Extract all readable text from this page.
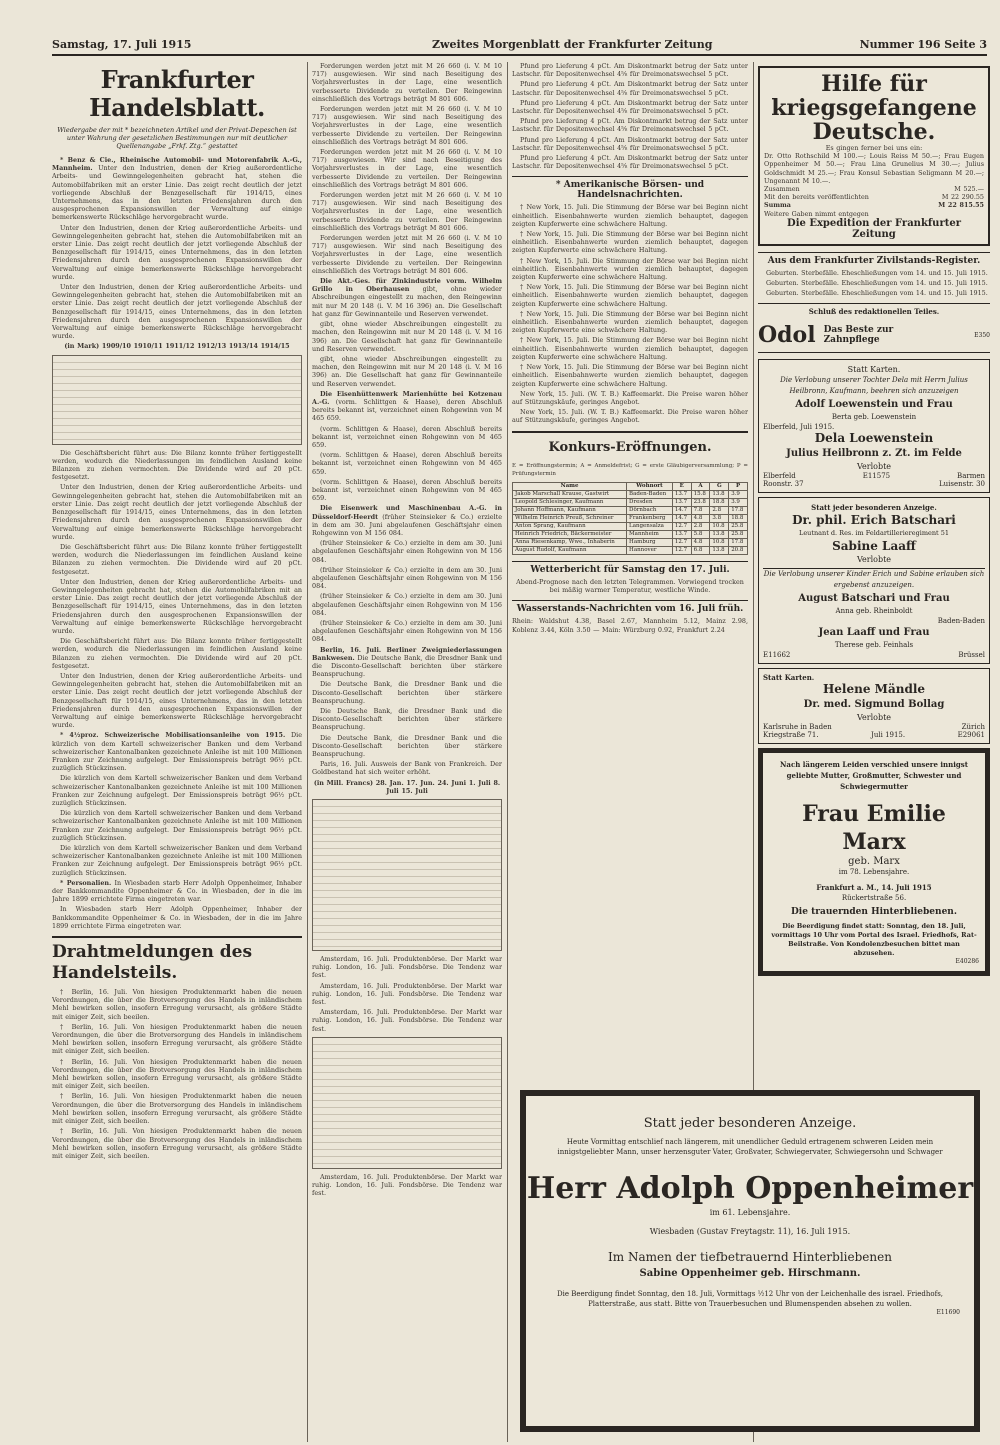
Samstag, 17. Juli 1915	Zweites Morgenblatt der Frankfurter Zeitung	Nummer 196 Seite 3
Frankfurter Handelsblatt.
Wiedergabe der mit * bezeichneten Artikel und der Privat-Depeschen ist unter Wahrung der gesetzlichen Bestimmungen nur mit deutlicher Quellenangabe „Frkf. Ztg.“ gestattet

* Benz & Cie., Rheinische Automobil- und Motorenfabrik A.-G., Mannheim. Unter den Industrien, denen der Krieg außerordentliche Arbeits- und Gewinngelegenheiten gebracht hat, stehen die Automobilfabriken mit an erster Linie. Das zeigt recht deutlich der jetzt vorliegende Abschluß der Benzgesellschaft für 1914/15, eines Unternehmens, das in den letzten Friedensjahren durch den ausgesprochenen Expansionswillen der Verwaltung auf einige bemerkenswerte Rückschläge hervorgebracht wurde.

Unter den Industrien, denen der Krieg außerordentliche Arbeits- und Gewinngelegenheiten gebracht hat, stehen die Automobilfabriken mit an erster Linie. Das zeigt recht deutlich der jetzt vorliegende Abschluß der Benzgesellschaft für 1914/15, eines Unternehmens, das in den letzten Friedensjahren durch den ausgesprochenen Expansionswillen der Verwaltung auf einige bemerkenswerte Rückschläge hervorgebracht wurde.

Unter den Industrien, denen der Krieg außerordentliche Arbeits- und Gewinngelegenheiten gebracht hat, stehen die Automobilfabriken mit an erster Linie. Das zeigt recht deutlich der jetzt vorliegende Abschluß der Benzgesellschaft für 1914/15, eines Unternehmens, das in den letzten Friedensjahren durch den ausgesprochenen Expansionswillen der Verwaltung auf einige bemerkenswerte Rückschläge hervorgebracht wurde.

(in Mark) 1909/10 1910/11 1911/12 1912/13 1913/14 1914/15

Die Geschäftsbericht führt aus: Die Bilanz konnte früher fertiggestellt werden, wodurch die Niederlassungen im feindlichen Ausland keine Bilanzen zu ziehen vermochten. Die Dividende wird auf 20 pCt. festgesetzt.

Unter den Industrien, denen der Krieg außerordentliche Arbeits- und Gewinngelegenheiten gebracht hat, stehen die Automobilfabriken mit an erster Linie. Das zeigt recht deutlich der jetzt vorliegende Abschluß der Benzgesellschaft für 1914/15, eines Unternehmens, das in den letzten Friedensjahren durch den ausgesprochenen Expansionswillen der Verwaltung auf einige bemerkenswerte Rückschläge hervorgebracht wurde.

Die Geschäftsbericht führt aus: Die Bilanz konnte früher fertiggestellt werden, wodurch die Niederlassungen im feindlichen Ausland keine Bilanzen zu ziehen vermochten. Die Dividende wird auf 20 pCt. festgesetzt.

Unter den Industrien, denen der Krieg außerordentliche Arbeits- und Gewinngelegenheiten gebracht hat, stehen die Automobilfabriken mit an erster Linie. Das zeigt recht deutlich der jetzt vorliegende Abschluß der Benzgesellschaft für 1914/15, eines Unternehmens, das in den letzten Friedensjahren durch den ausgesprochenen Expansionswillen der Verwaltung auf einige bemerkenswerte Rückschläge hervorgebracht wurde.

Die Geschäftsbericht führt aus: Die Bilanz konnte früher fertiggestellt werden, wodurch die Niederlassungen im feindlichen Ausland keine Bilanzen zu ziehen vermochten. Die Dividende wird auf 20 pCt. festgesetzt.

Unter den Industrien, denen der Krieg außerordentliche Arbeits- und Gewinngelegenheiten gebracht hat, stehen die Automobilfabriken mit an erster Linie. Das zeigt recht deutlich der jetzt vorliegende Abschluß der Benzgesellschaft für 1914/15, eines Unternehmens, das in den letzten Friedensjahren durch den ausgesprochenen Expansionswillen der Verwaltung auf einige bemerkenswerte Rückschläge hervorgebracht wurde.

* 4½proz. Schweizerische Mobilisationsanleihe von 1915. Die kürzlich von dem Kartell schweizerischer Banken und dem Verband schweizerischer Kantonalbanken gezeichnete Anleihe ist mit 100 Millionen Franken zur Zeichnung aufgelegt. Der Emissionspreis beträgt 96½ pCt. zuzüglich Stückzinsen.

Die kürzlich von dem Kartell schweizerischer Banken und dem Verband schweizerischer Kantonalbanken gezeichnete Anleihe ist mit 100 Millionen Franken zur Zeichnung aufgelegt. Der Emissionspreis beträgt 96½ pCt. zuzüglich Stückzinsen.

Die kürzlich von dem Kartell schweizerischer Banken und dem Verband schweizerischer Kantonalbanken gezeichnete Anleihe ist mit 100 Millionen Franken zur Zeichnung aufgelegt. Der Emissionspreis beträgt 96½ pCt. zuzüglich Stückzinsen.

Die kürzlich von dem Kartell schweizerischer Banken und dem Verband schweizerischer Kantonalbanken gezeichnete Anleihe ist mit 100 Millionen Franken zur Zeichnung aufgelegt. Der Emissionspreis beträgt 96½ pCt. zuzüglich Stückzinsen.

* Personalien. In Wiesbaden starb Herr Adolph Oppenheimer, Inhaber der Bankkommandite Oppenheimer & Co. in Wiesbaden, der in die im Jahre 1899 errichtete Firma eingetreten war.

In Wiesbaden starb Herr Adolph Oppenheimer, Inhaber der Bankkommandite Oppenheimer & Co. in Wiesbaden, der in die im Jahre 1899 errichtete Firma eingetreten war.

Drahtmeldungen des Handelsteils.

† Berlin, 16. Juli. Von hiesigen Produktenmarkt haben die neuen Verordnungen, die über die Brotversorgung des Handels in inländischem Mehl bewirken sollen, insofern Erregung verursacht, als größere Städte mit einiger Zeit, sich beeilen.

† Berlin, 16. Juli. Von hiesigen Produktenmarkt haben die neuen Verordnungen, die über die Brotversorgung des Handels in inländischem Mehl bewirken sollen, insofern Erregung verursacht, als größere Städte mit einiger Zeit, sich beeilen.

† Berlin, 16. Juli. Von hiesigen Produktenmarkt haben die neuen Verordnungen, die über die Brotversorgung des Handels in inländischem Mehl bewirken sollen, insofern Erregung verursacht, als größere Städte mit einiger Zeit, sich beeilen.

† Berlin, 16. Juli. Von hiesigen Produktenmarkt haben die neuen Verordnungen, die über die Brotversorgung des Handels in inländischem Mehl bewirken sollen, insofern Erregung verursacht, als größere Städte mit einiger Zeit, sich beeilen.

† Berlin, 16. Juli. Von hiesigen Produktenmarkt haben die neuen Verordnungen, die über die Brotversorgung des Handels in inländischem Mehl bewirken sollen, insofern Erregung verursacht, als größere Städte mit einiger Zeit, sich beeilen.

Forderungen werden jetzt mit M 26 660 (i. V. M 10 717) ausgewiesen. Wir sind nach Beseitigung des Vorjahrsverlustes in der Lage, eine wesentlich verbesserte Dividende zu verteilen. Der Reingewinn einschließlich des Vortrags beträgt M 801 606.

Forderungen werden jetzt mit M 26 660 (i. V. M 10 717) ausgewiesen. Wir sind nach Beseitigung des Vorjahrsverlustes in der Lage, eine wesentlich verbesserte Dividende zu verteilen. Der Reingewinn einschließlich des Vortrags beträgt M 801 606.

Forderungen werden jetzt mit M 26 660 (i. V. M 10 717) ausgewiesen. Wir sind nach Beseitigung des Vorjahrsverlustes in der Lage, eine wesentlich verbesserte Dividende zu verteilen. Der Reingewinn einschließlich des Vortrags beträgt M 801 606.

Forderungen werden jetzt mit M 26 660 (i. V. M 10 717) ausgewiesen. Wir sind nach Beseitigung des Vorjahrsverlustes in der Lage, eine wesentlich verbesserte Dividende zu verteilen. Der Reingewinn einschließlich des Vortrags beträgt M 801 606.

Forderungen werden jetzt mit M 26 660 (i. V. M 10 717) ausgewiesen. Wir sind nach Beseitigung des Vorjahrsverlustes in der Lage, eine wesentlich verbesserte Dividende zu verteilen. Der Reingewinn einschließlich des Vortrags beträgt M 801 606.

Die Akt.-Ges. für Zinkindustrie vorm. Wilhelm Grillo in Oberhausen gibt, ohne wieder Abschreibungen eingestellt zu machen, den Reingewinn mit nur M 20 148 (i. V. M 16 396) an. Die Gesellschaft hat ganz für Gewinnanteile und Reserven verwendet.

gibt, ohne wieder Abschreibungen eingestellt zu machen, den Reingewinn mit nur M 20 148 (i. V. M 16 396) an. Die Gesellschaft hat ganz für Gewinnanteile und Reserven verwendet.

gibt, ohne wieder Abschreibungen eingestellt zu machen, den Reingewinn mit nur M 20 148 (i. V. M 16 396) an. Die Gesellschaft hat ganz für Gewinnanteile und Reserven verwendet.

Die Eisenhüttenwerk Marienhütte bei Kotzenau A.-G. (vorm. Schlittgen & Haase), deren Abschluß bereits bekannt ist, verzeichnet einen Rohgewinn von M 465 659.

(vorm. Schlittgen & Haase), deren Abschluß bereits bekannt ist, verzeichnet einen Rohgewinn von M 465 659.

(vorm. Schlittgen & Haase), deren Abschluß bereits bekannt ist, verzeichnet einen Rohgewinn von M 465 659.

(vorm. Schlittgen & Haase), deren Abschluß bereits bekannt ist, verzeichnet einen Rohgewinn von M 465 659.

Die Eisenwerk und Maschinenbau A.-G. in Düsseldorf-Heerdt (früher Steinsieker & Co.) erzielte in dem am 30. Juni abgelaufenen Geschäftsjahr einen Rohgewinn von M 156 084.

(früher Steinsieker & Co.) erzielte in dem am 30. Juni abgelaufenen Geschäftsjahr einen Rohgewinn von M 156 084.

(früher Steinsieker & Co.) erzielte in dem am 30. Juni abgelaufenen Geschäftsjahr einen Rohgewinn von M 156 084.

(früher Steinsieker & Co.) erzielte in dem am 30. Juni abgelaufenen Geschäftsjahr einen Rohgewinn von M 156 084.

(früher Steinsieker & Co.) erzielte in dem am 30. Juni abgelaufenen Geschäftsjahr einen Rohgewinn von M 156 084.

Berlin, 16. Juli. Berliner Zweigniederlassungen Bankwesen. Die Deutsche Bank, die Dresdner Bank und die Disconto-Gesellschaft berichten über stärkere Beanspruchung.

Die Deutsche Bank, die Dresdner Bank und die Disconto-Gesellschaft berichten über stärkere Beanspruchung.

Die Deutsche Bank, die Dresdner Bank und die Disconto-Gesellschaft berichten über stärkere Beanspruchung.

Die Deutsche Bank, die Dresdner Bank und die Disconto-Gesellschaft berichten über stärkere Beanspruchung.

Paris, 16. Juli. Ausweis der Bank von Frankreich. Der Goldbestand hat sich weiter erhöht.

(in Mill. Francs) 28. Jan. 17. Jun. 24. Juni 1. Juli 8. Juli 15. Juli

Amsterdam, 16. Juli. Produktenbörse. Der Markt war ruhig. London, 16. Juli. Fondsbörse. Die Tendenz war fest.

Amsterdam, 16. Juli. Produktenbörse. Der Markt war ruhig. London, 16. Juli. Fondsbörse. Die Tendenz war fest.

Amsterdam, 16. Juli. Produktenbörse. Der Markt war ruhig. London, 16. Juli. Fondsbörse. Die Tendenz war fest.

Amsterdam, 16. Juli. Produktenbörse. Der Markt war ruhig. London, 16. Juli. Fondsbörse. Die Tendenz war fest.

Pfund pro Lieferung 4 pCt. Am Diskontmarkt betrug der Satz unter Lastschr. für Depositenwechsel 4⅝ für Dreimonatswechsel 5 pCt.

Pfund pro Lieferung 4 pCt. Am Diskontmarkt betrug der Satz unter Lastschr. für Depositenwechsel 4⅝ für Dreimonatswechsel 5 pCt.

Pfund pro Lieferung 4 pCt. Am Diskontmarkt betrug der Satz unter Lastschr. für Depositenwechsel 4⅝ für Dreimonatswechsel 5 pCt.

Pfund pro Lieferung 4 pCt. Am Diskontmarkt betrug der Satz unter Lastschr. für Depositenwechsel 4⅝ für Dreimonatswechsel 5 pCt.

Pfund pro Lieferung 4 pCt. Am Diskontmarkt betrug der Satz unter Lastschr. für Depositenwechsel 4⅝ für Dreimonatswechsel 5 pCt.

Pfund pro Lieferung 4 pCt. Am Diskontmarkt betrug der Satz unter Lastschr. für Depositenwechsel 4⅝ für Dreimonatswechsel 5 pCt.

* Amerikanische Börsen- und Handelsnachrichten.

† New York, 15. Juli. Die Stimmung der Börse war bei Beginn nicht einheitlich. Eisenbahnwerte wurden ziemlich behauptet, dagegen zeigten Kupferwerte eine schwächere Haltung.

† New York, 15. Juli. Die Stimmung der Börse war bei Beginn nicht einheitlich. Eisenbahnwerte wurden ziemlich behauptet, dagegen zeigten Kupferwerte eine schwächere Haltung.

† New York, 15. Juli. Die Stimmung der Börse war bei Beginn nicht einheitlich. Eisenbahnwerte wurden ziemlich behauptet, dagegen zeigten Kupferwerte eine schwächere Haltung.

† New York, 15. Juli. Die Stimmung der Börse war bei Beginn nicht einheitlich. Eisenbahnwerte wurden ziemlich behauptet, dagegen zeigten Kupferwerte eine schwächere Haltung.

† New York, 15. Juli. Die Stimmung der Börse war bei Beginn nicht einheitlich. Eisenbahnwerte wurden ziemlich behauptet, dagegen zeigten Kupferwerte eine schwächere Haltung.

† New York, 15. Juli. Die Stimmung der Börse war bei Beginn nicht einheitlich. Eisenbahnwerte wurden ziemlich behauptet, dagegen zeigten Kupferwerte eine schwächere Haltung.

† New York, 15. Juli. Die Stimmung der Börse war bei Beginn nicht einheitlich. Eisenbahnwerte wurden ziemlich behauptet, dagegen zeigten Kupferwerte eine schwächere Haltung.

New York, 15. Juli. (W. T. B.) Kaffeemarkt. Die Preise waren höher auf Stützungskäufe, geringes Angebot.

New York, 15. Juli. (W. T. B.) Kaffeemarkt. Die Preise waren höher auf Stützungskäufe, geringes Angebot.

Konkurs-Eröffnungen.
E = Eröffnungstermin; A = Anmeldefrist; G = erste Gläubigerversammlung; P = Prüfungstermin
Name	Wohnort	E	A	G	P
Jakob Marschall Krause, Gastwirt	Baden-Baden	13.7	15.8	13.8	3.9
Leopold Schlesinger, Kaufmann	Dresden	13.7	23.8	18.8	3.9
Johann Hoffmann, Kaufmann	Dörnbach	14.7	7.8	2.8	17.8
Wilhelm Heinrich Preuß, Schreiner	Frankenberg	14.7	4.8	3.8	18.8
Anton Sprang, Kaufmann	Langensalza	12.7	2.8	10.8	25.8
Heinrich Friedrich, Bäckermeister	Mannheim	13.7	5.8	13.8	25.8
Anna Riesenkamp, Wwe., Inhaberin	Hamburg	12.7	4.8	10.8	17.8
August Rudolf, Kaufmann	Hannover	12.7	6.8	13.8	20.8
Wetterbericht für Samstag den 17. Juli.
Abend-Prognose nach den letzten Telegrammen. Vorwiegend trocken bei mäßig warmer Temperatur, westliche Winde.
Wasserstands-Nachrichten vom 16. Juli früh.
Rhein: Waldshut 4.38, Basel 2.67, Mannheim 5.12, Mainz 2.98, Koblenz 3.44, Köln 3.50 — Main: Würzburg 0.92, Frankfurt 2.24
Hilfe für kriegsgefangene Deutsche.
Es gingen ferner bei uns ein:
Dr. Otto Rothschild M 100.—; Louis Reiss M 50.—; Frau Eugen Oppenheimer M 50.—; Frau Lina Grunelius M 30.—; Julius Goldschmidt M 25.—; Frau Konsul Sebastian Seligmann M 20.—; Ungenannt M 10.—.
Zusammen	M 525.—
Mit den bereits veröffentlichten	M 22 290.55
Summa	M 22 815.55
Weitere Gaben nimmt entgegen
Die Expedition der Frankfurter Zeitung
Aus dem Frankfurter Zivilstands-Register.

Geburten. Sterbefälle. Eheschließungen vom 14. und 15. Juli 1915.

Geburten. Sterbefälle. Eheschließungen vom 14. und 15. Juli 1915.

Geburten. Sterbefälle. Eheschließungen vom 14. und 15. Juli 1915.

Schluß des redaktionellen Teiles.
Odol Das Beste zur Zahnpflege	E350
Statt Karten.
Die Verlobung unserer Tochter Dela mit Herrn Julius Heilbronn, Kaufmann, beehren sich anzuzeigen
Adolf Loewenstein und Frau
Berta geb. Loewenstein
Elberfeld, Juli 1915.
Dela Loewenstein
Julius Heilbronn z. Zt. im Felde
Verlobte
Elberfeld	E11575	Barmen
Roonstr. 37	Luisenstr. 30
Statt jeder besonderen Anzeige.
Dr. phil. Erich Batschari
Leutnant d. Res. im Feldartillerieregiment 51
Sabine Laaff
Verlobte
Die Verlobung unserer Kinder Erich und Sabine erlauben sich ergebenst anzuzeigen.
August Batschari und Frau
Anna geb. Rheinboldt
Baden-Baden
Jean Laaff und Frau
Therese geb. Feinhals
E11662	Brüssel
Statt Karten.
Helene Mändle
Dr. med. Sigmund Bollag
Verlobte
Karlsruhe in Baden	Zürich
Kriegstraße 71.	Juli 1915.	E29061
Nach längerem Leiden verschied unsere innigst geliebte Mutter, Großmutter, Schwester und Schwiegermutter
Frau Emilie Marx
geb. Marx
im 78. Lebensjahre.
Frankfurt a. M., 14. Juli 1915
Rückertstraße 56.
Die trauernden Hinterbliebenen.
Die Beerdigung findet statt: Sonntag, den 18. Juli, vormittags 10 Uhr vom Portal des Israel. Friedhofs, Rat-Beilstraße. Von Kondolenzbesuchen bittet man abzusehen.
E40286
Statt jeder besonderen Anzeige.
Heute Vormittag entschlief nach längerem, mit unendlicher Geduld ertragenem schweren Leiden mein innigstgeliebter Mann, unser herzensguter Vater, Großvater, Schwiegervater, Schwiegersohn und Schwager
Herr Adolph Oppenheimer
im 61. Lebensjahre.
Wiesbaden (Gustav Freytagstr. 11), 16. Juli 1915.
Im Namen der tiefbetrauernd Hinterbliebenen
Sabine Oppenheimer geb. Hirschmann.
Die Beerdigung findet Sonntag, den 18. Juli, Vormittags ½12 Uhr von der Leichenhalle des israel. Friedhofs, Platterstraße, aus statt. Bitte von Trauerbesuchen und Blumenspenden absehen zu wollen.
E11690
